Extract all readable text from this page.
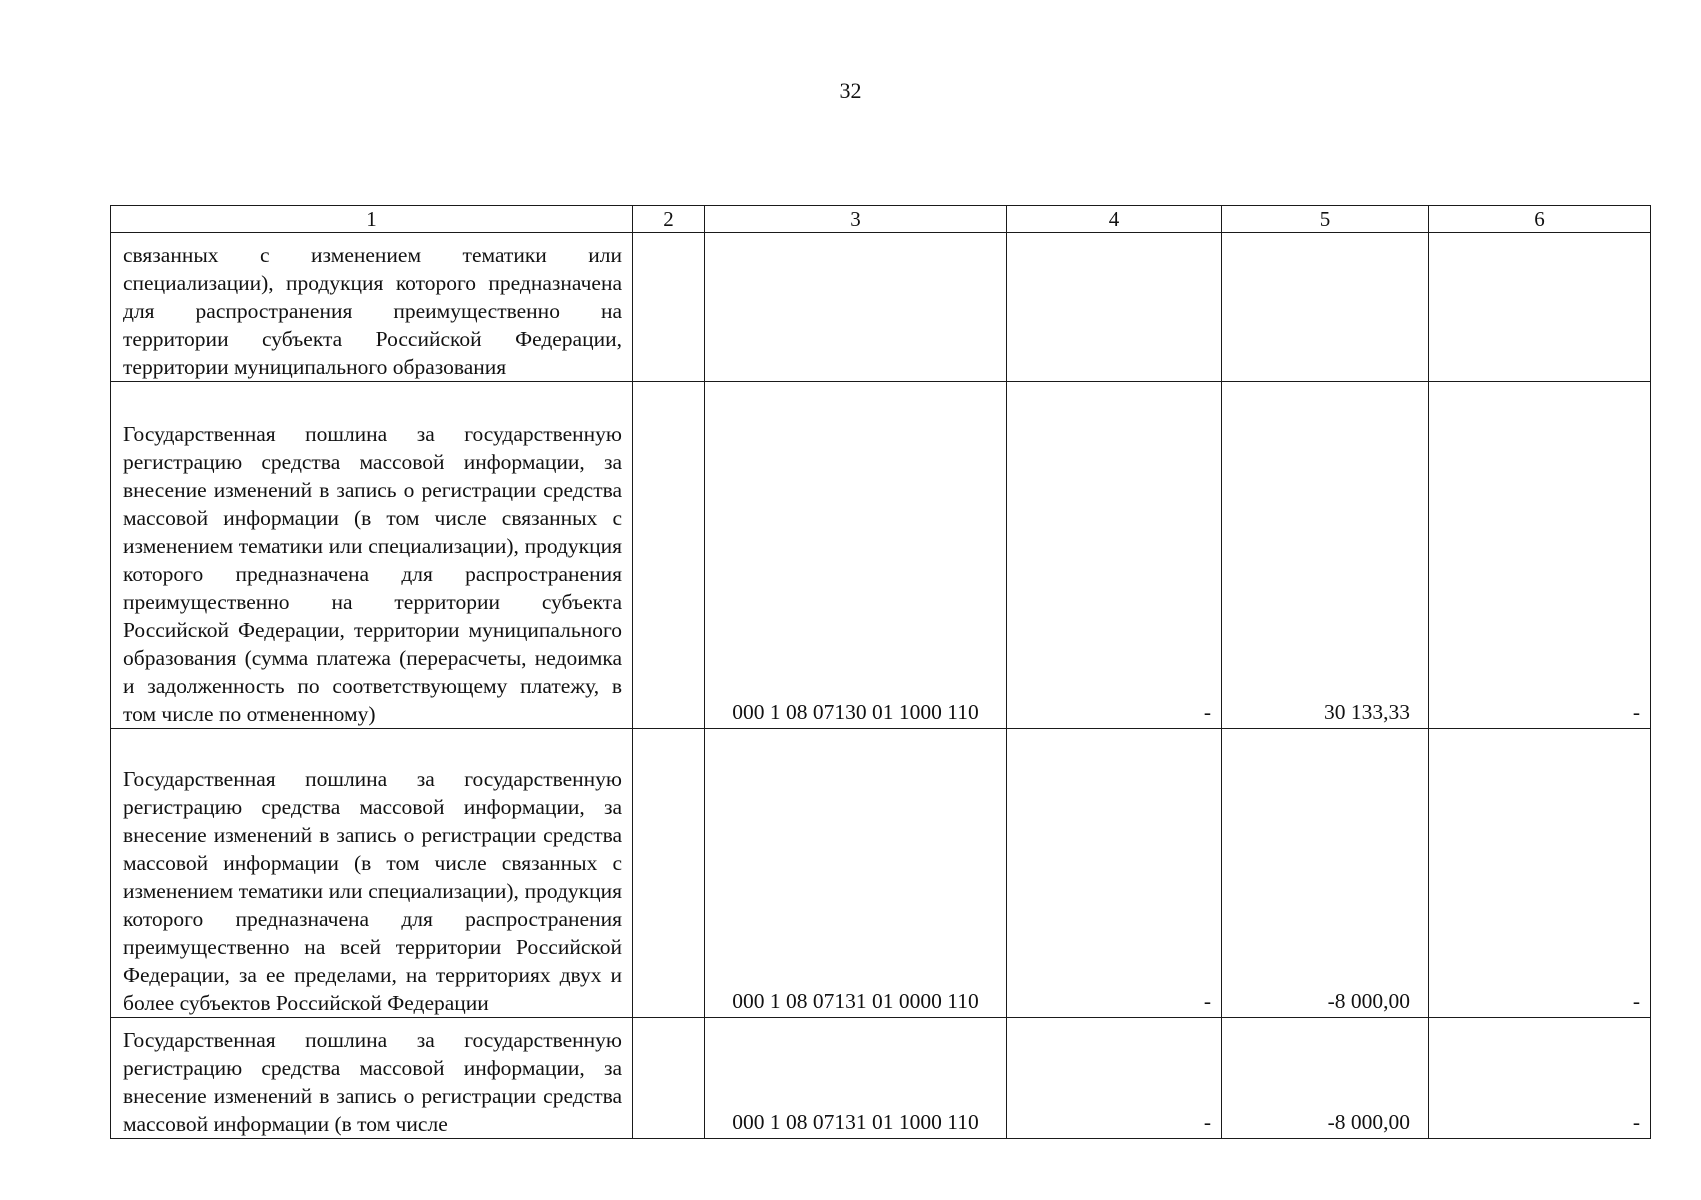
32
1	2	3	4	5	6
связанных с изменением тематики или специализации), продукция которого предназначена для распространения преимущественно на территории субъекта Российской Федерации, территории муниципального образования					
Государственная пошлина за государственную регистрацию средства массовой информации, за внесение изменений в запись о регистрации средства массовой информации (в том числе связанных с изменением тематики или специализации), продукция которого предназначена для распространения преимущественно на территории субъекта Российской Федерации, территории муниципального образования (сумма платежа (перерасчеты, недоимка и задолженность по соответствующему платежу, в том числе по отмененному)		000 1 08 07130 01 1000 110	-	30 133,33	-
Государственная пошлина за государственную регистрацию средства массовой информации, за внесение изменений в запись о регистрации средства массовой информации (в том числе связанных с изменением тематики или специализации), продукция которого предназначена для распространения преимущественно на всей территории Российской Федерации, за ее пределами, на территориях двух и более субъектов Российской Федерации		000 1 08 07131 01 0000 110	-	-8 000,00	-
Государственная пошлина за государственную регистрацию средства массовой информации, за внесение изменений в запись о регистрации средства массовой информации (в том числе		000 1 08 07131 01 1000 110	-	-8 000,00	-
